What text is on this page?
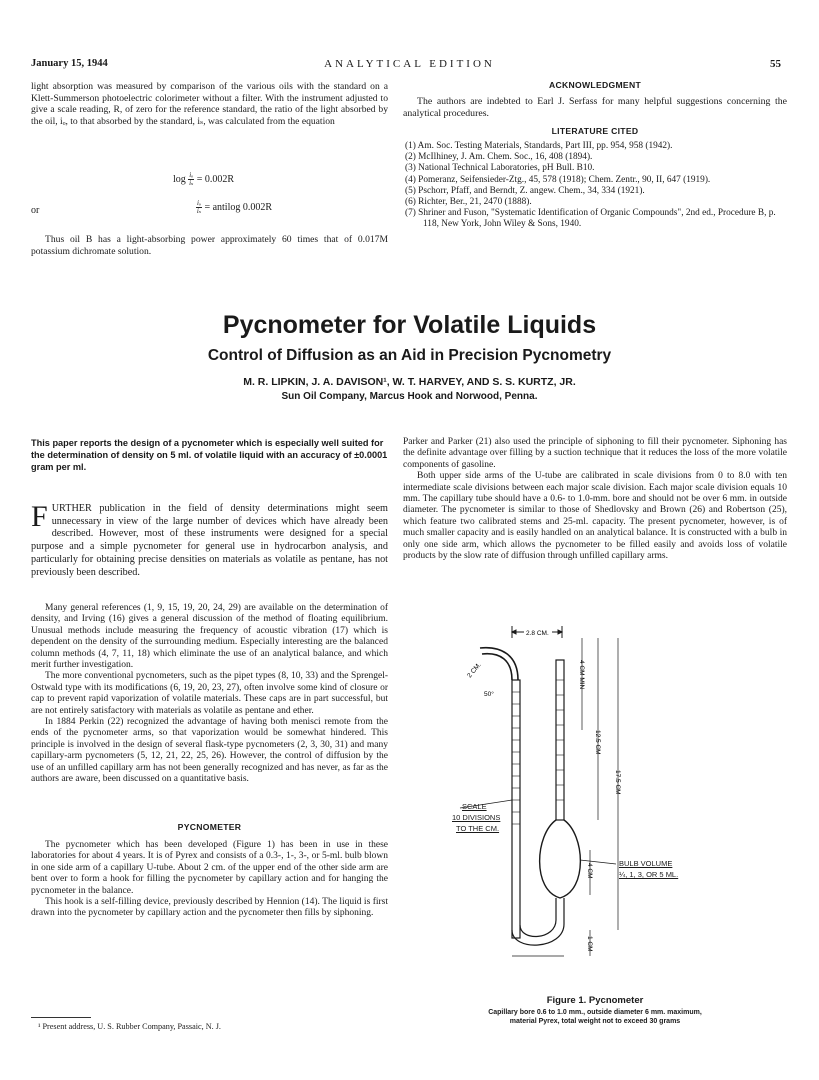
January 15, 1944	ANALYTICAL EDITION	55

light absorption was measured by comparison of the various oils with the standard on a Klett-Summerson photoelectric colorimeter without a filter. With the instrument adjusted to give a scale reading, R, of zero for the reference standard, the ratio of the light absorbed by the oil, iₒ, to that absorbed by the standard, iₛ, was calculated from the equation

$\log \frac{\text{iₒ}}{\text{iₛ}} = 0.002R$
or	$\frac{\text{iₒ}}{\text{iₛ}}$ = antilog 0.002R

Thus oil B has a light-absorbing power approximately 60 times that of 0.017M potassium dichromate solution.

ACKNOWLEDGMENT

The authors are indebted to Earl J. Serfass for many helpful suggestions concerning the analytical procedures.

LITERATURE CITED
(1) Am. Soc. Testing Materials, Standards, Part III, pp. 954, 958 (1942).
(2) McIlhiney, J. Am. Chem. Soc., 16, 408 (1894).
(3) National Technical Laboratories, pH Bull. B10.
(4) Pomeranz, Seifensieder-Ztg., 45, 578 (1918); Chem. Zentr., 90, II, 647 (1919).
(5) Pschorr, Pfaff, and Berndt, Z. angew. Chem., 34, 334 (1921).
(6) Richter, Ber., 21, 2470 (1888).
(7) Shriner and Fuson, "Systematic Identification of Organic Compounds", 2nd ed., Procedure B, p. 118, New York, John Wiley & Sons, 1940.
Pycnometer for Volatile Liquids
Control of Diffusion as an Aid in Precision Pycnometry
M. R. LIPKIN, J. A. DAVISON¹, W. T. HARVEY, AND S. S. KURTZ, JR.
Sun Oil Company, Marcus Hook and Norwood, Penna.
This paper reports the design of a pycnometer which is especially well suited for the determination of density on 5 ml. of volatile liquid with an accuracy of ±0.0001 gram per ml.

FURTHER publication in the field of density determinations might seem unnecessary in view of the large number of devices which have already been described. However, most of these instruments were designed for a special purpose and a simple pycnometer for general use in hydrocarbon analysis, and particularly for obtaining precise densities on materials as volatile as pentane, has not previously been described.

Many general references (1, 9, 15, 19, 20, 24, 29) are available on the determination of density, and Irving (16) gives a general discussion of the method of floating equilibrium. Unusual methods include measuring the frequency of acoustic vibration (17) which is dependent on the density of the surrounding medium. Especially interesting are the balanced column methods (4, 7, 11, 18) which eliminate the use of an analytical balance, and which merit further investigation.

The more conventional pycnometers, such as the pipet types (8, 10, 33) and the Sprengel-Ostwald type with its modifications (6, 19, 20, 23, 27), often involve some kind of closure or cap to prevent rapid vaporization of volatile materials. These caps are in part successful, but are not entirely satisfactory with materials as volatile as pentane and ether.

In 1884 Perkin (22) recognized the advantage of having both menisci remote from the ends of the pycnometer arms, so that vaporization would be somewhat hindered. This principle is involved in the design of several flask-type pycnometers (2, 3, 30, 31) and many capillary-arm pycnometers (5, 12, 21, 22, 25, 26). However, the control of diffusion by the use of an unfilled capillary arm has not been generally recognized and has never, as far as the authors are aware, been discussed on a quantitative basis.

PYCNOMETER

The pycnometer which has been developed (Figure 1) has been in use in these laboratories for about 4 years. It is of Pyrex and consists of a 0.3-, 1-, 3-, or 5-ml. bulb blown in one side arm of a capillary U-tube. About 2 cm. of the upper end of the other side arm are bent over to form a hook for filling the pycnometer by capillary action and for hanging the pycnometer in the balance.

This hook is a self-filling device, previously described by Hennion (14). The liquid is first drawn into the pycnometer by capillary action and the pycnometer then fills by siphoning.

¹ Present address, U. S. Rubber Company, Passaic, N. J.

Parker and Parker (21) also used the principle of siphoning to fill their pycnometer. Siphoning has the definite advantage over filling by a suction technique that it reduces the loss of the more volatile components of gasoline.

Both upper side arms of the U-tube are calibrated in scale divisions from 0 to 8.0 with ten intermediate scale divisions between each major scale division. Each major scale division equals 10 mm. The capillary tube should have a 0.6- to 1.0-mm. bore and should not be over 6 mm. in outside diameter. The pycnometer is similar to those of Shedlovsky and Brown (26) and Robertson (25), which feature two calibrated stems and 25-ml. capacity. The present pycnometer, however, is of much smaller capacity and is easily handled on an analytical balance. It is constructed with a bulb in only one side arm, which allows the pycnometer to be filled easily and avoids loss of volatile products by the slow rate of diffusion through unfilled capillary arms.

2.8 CM.
2 CM.
50°
4 CM MIN
12.5 CM
17.5 CM
4 CM
1 CM
SCALE
10 DIVISIONS
TO THE CM.
BULB VOLUME
¼, 1, 3, OR 5 ML.
Figure 1. Pycnometer
Capillary bore 0.6 to 1.0 mm., outside diameter 6 mm. maximum,
material Pyrex, total weight not to exceed 30 grams
